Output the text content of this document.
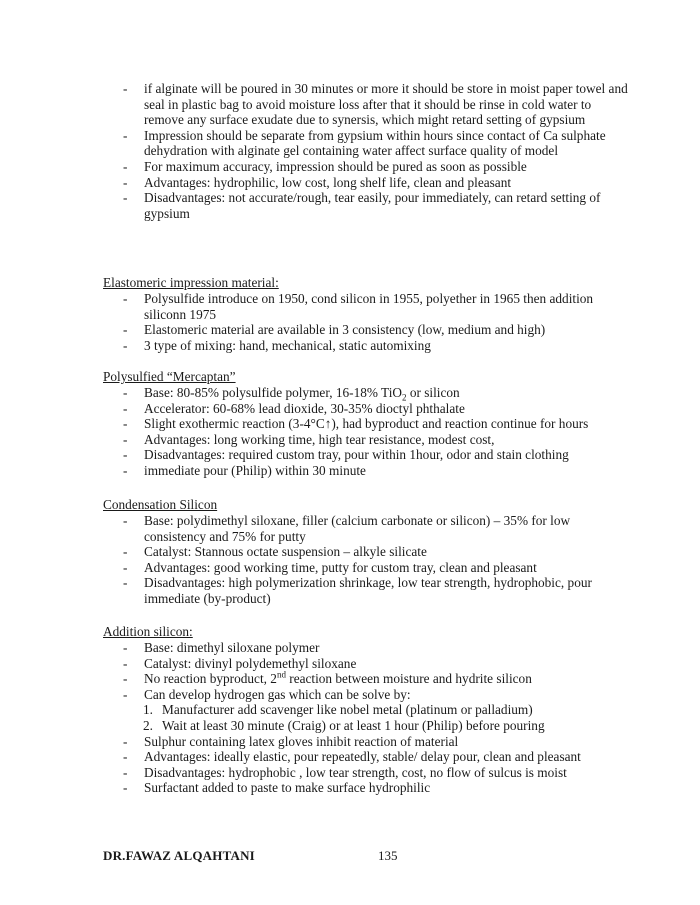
- if alginate will be poured in 30 minutes or more it should be store in moist paper towel and seal in plastic bag to avoid moisture loss after that it should be rinse in cold water to remove any surface exudate due to synersis, which might retard setting of gypsium
- Impression should be separate from gypsium within hours since contact of Ca sulphate dehydration with alginate gel containing water affect surface quality of model
- For maximum accuracy, impression should be pured as soon as possible
- Advantages: hydrophilic, low cost, long shelf life, clean and pleasant
- Disadvantages: not accurate/rough, tear easily, pour immediately, can retard setting of gypsium
Elastomeric impression material:
- Polysulfide introduce on 1950, cond silicon in 1955, polyether in 1965 then addition siliconn 1975
- Elastomeric material are available in 3 consistency (low, medium and high)
- 3 type of mixing: hand, mechanical, static automixing
Polysulfied “Mercaptan”
- Base: 80-85% polysulfide polymer, 16-18% TiO$_2$ or silicon
- Accelerator: 60-68% lead dioxide, 30-35% dioctyl phthalate
- Slight exothermic reaction (3-4°C↑), had byproduct and reaction continue for hours
- Advantages: long working time, high tear resistance, modest cost,
- Disadvantages: required custom tray, pour within 1hour, odor and stain clothing
- immediate pour (Philip) within 30 minute
Condensation Silicon
- Base: polydimethyl siloxane, filler (calcium carbonate or silicon) – 35% for low consistency and 75% for putty
- Catalyst: Stannous octate suspension – alkyle silicate
- Advantages: good working time, putty for custom tray, clean and pleasant
- Disadvantages: high polymerization shrinkage, low tear strength, hydrophobic, pour immediate (by-product)
Addition silicon:
- Base: dimethyl siloxane polymer
- Catalyst: divinyl polydemethyl siloxane
- No reaction byproduct, 2nd reaction between moisture and hydrite silicon
- Can develop hydrogen gas which can be solve by:
1. Manufacturer add scavenger like nobel metal (platinum or palladium)
2. Wait at least 30 minute (Craig) or at least 1 hour (Philip) before pouring
- Sulphur containing latex gloves inhibit reaction of material
- Advantages: ideally elastic, pour repeatedly, stable/ delay pour, clean and pleasant
- Disadvantages: hydrophobic , low tear strength, cost, no flow of sulcus is moist
- Surfactant added to paste to make surface hydrophilic
DR.FAWAZ ALQAHTANI	135
